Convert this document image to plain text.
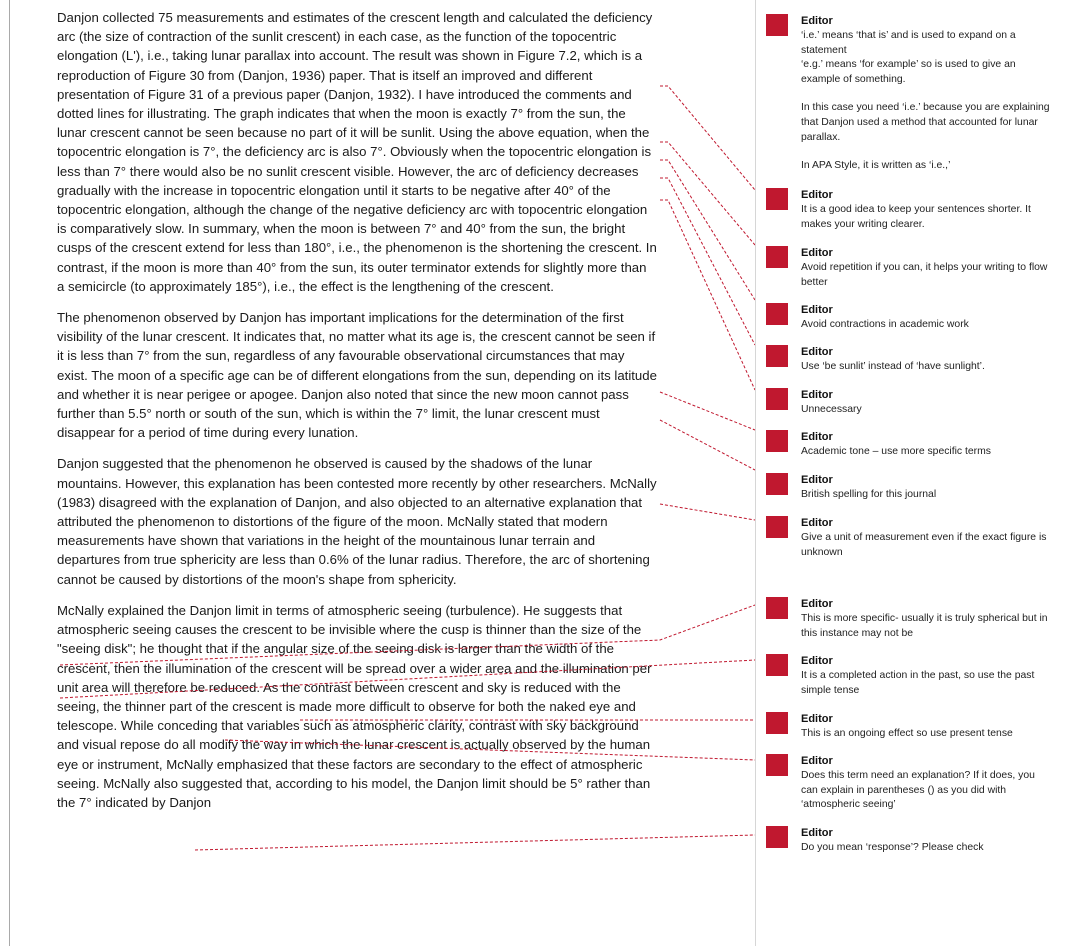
Danjon collected 75 measurements and estimates of the crescent length and calculated the deficiency arc (the size of contraction of the sunlit crescent) in each case, as the function of the topocentric elongation (L'), i.e., taking lunar parallax into account. The result was shown in Figure 7.2, which is a reproduction of Figure 30 from (Danjon, 1936) paper. That is itself an improved and different presentation of Figure 31 of a previous paper (Danjon, 1932). I have introduced the comments and dotted lines for illustrating. The graph indicates that when the moon is exactly 7° from the sun, the lunar crescent cannot be seen because no part of it will be sunlit. Using the above equation, when the topocentric elongation is 7°, the deficiency arc is also 7°. Obviously when the topocentric elongation is less than 7° there would also be no sunlit crescent visible. However, the arc of deficiency decreases gradually with the increase in topocentric elongation until it starts to be negative after 40° of the topocentric elongation, although the change of the negative deficiency arc with topocentric elongation is comparatively slow. In summary, when the moon is between 7° and 40° from the sun, the bright cusps of the crescent extend for less than 180°, i.e., the phenomenon is the shortening the crescent. In contrast, if the moon is more than 40° from the sun, its outer terminator extends for slightly more than a semicircle (to approximately 185°), i.e., the effect is the lengthening of the crescent.

The phenomenon observed by Danjon has important implications for the determination of the first visibility of the lunar crescent. It indicates that, no matter what its age is, the crescent cannot be seen if it is less than 7° from the sun, regardless of any favourable observational circumstances that may exist. The moon of a specific age can be of different elongations from the sun, depending on its latitude and whether it is near perigee or apogee. Danjon also noted that since the new moon cannot pass further than 5.5° north or south of the sun, which is within the 7° limit, the lunar crescent must disappear for a period of time during every lunation.

Danjon suggested that the phenomenon he observed is caused by the shadows of the lunar mountains. However, this explanation has been contested more recently by other researchers. McNally (1983) disagreed with the explanation of Danjon, and also objected to an alternative explanation that attributed the phenomenon to distortions of the figure of the moon. McNally stated that modern measurements have shown that variations in the height of the mountainous lunar terrain and departures from true sphericity are less than 0.6% of the lunar radius. Therefore, the arc of shortening cannot be caused by distortions of the moon's shape from sphericity.

McNally explained the Danjon limit in terms of atmospheric seeing (turbulence). He suggests that atmospheric seeing causes the crescent to be invisible where the cusp is thinner than the size of the "seeing disk"; he thought that if the angular size of the seeing disk is larger than the width of the crescent, then the illumination of the crescent will be spread over a wider area and the illumination per unit area will therefore be reduced. As the contrast between crescent and sky is reduced with the seeing, the thinner part of the crescent is made more difficult to observe for both the naked eye and telescope. While conceding that variables such as atmospheric clarity, contrast with sky background and visual repose do all modify the way in which the lunar crescent is actually observed by the human eye or instrument, McNally emphasized that these factors are secondary to the effect of atmospheric seeing. McNally also suggested that, according to his model, the Danjon limit should be 5° rather than the 7° indicated by Danjon

Editor

‘i.e.’ means ‘that is’ and is used to expand on a statement

‘e.g.’ means ‘for example’ so is used to give an example of something.

In this case you need ‘i.e.’ because you are explaining that Danjon used a method that accounted for lunar parallax.

In APA Style, it is written as ‘i.e.,’

Editor

It is a good idea to keep your sentences shorter. It makes your writing clearer.

Editor

Avoid repetition if you can, it helps your writing to flow better

Editor

Avoid contractions in academic work

Editor

Use ‘be sunlit’ instead of ‘have sunlight’.

Editor

Unnecessary

Editor

Academic tone – use more specific terms

Editor

British spelling for this journal

Editor

Give a unit of measurement even if the exact figure is unknown

Editor

This is more specific- usually it is truly spherical but in this instance may not be

Editor

It is a completed action in the past, so use the past simple tense

Editor

This is an ongoing effect so use present tense

Editor

Does this term need an explanation? If it does, you can explain in parentheses () as you did with ‘atmospheric seeing’

Editor

Do you mean ‘response’? Please check
